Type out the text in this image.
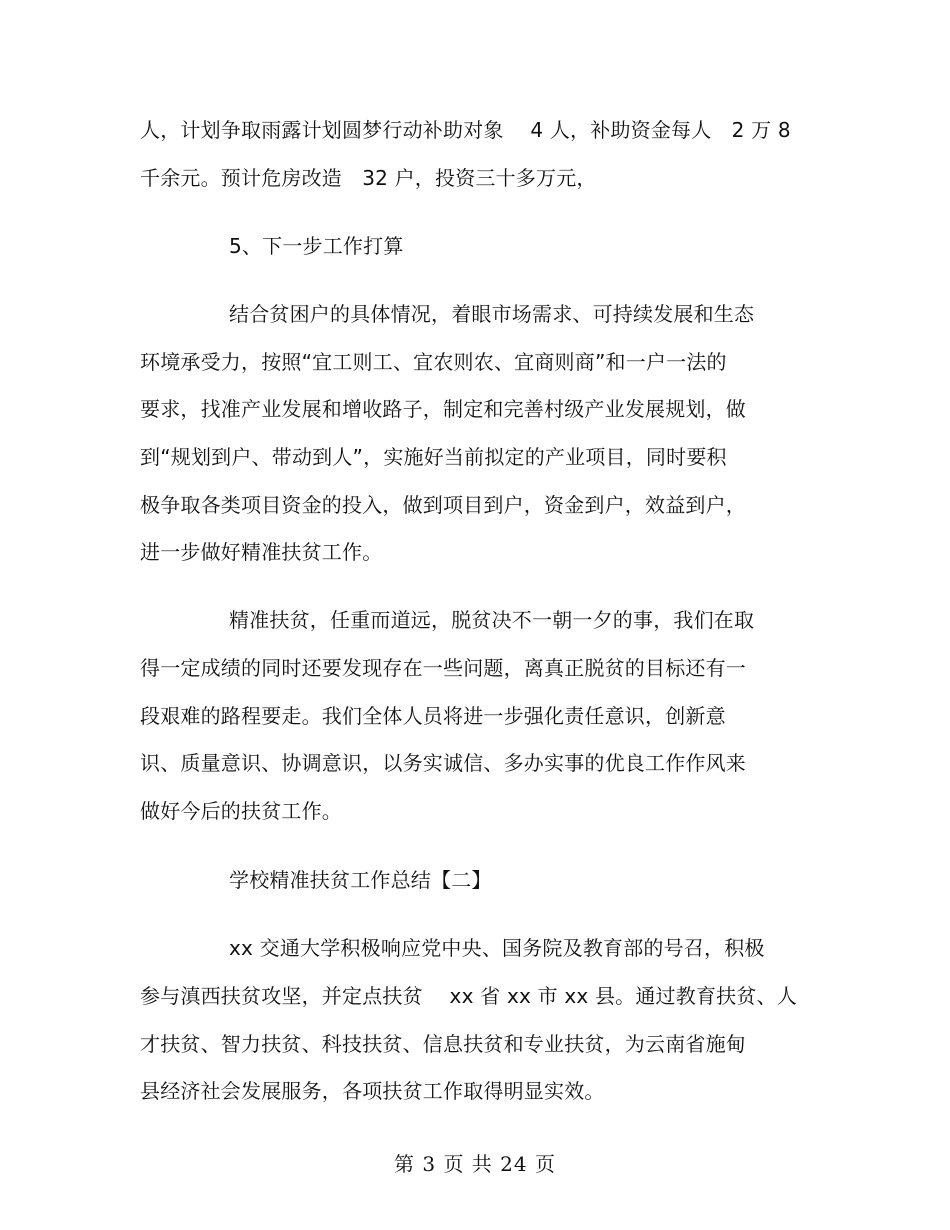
人，计划争取雨露计划圆梦行动补助对象　 4 人，补助资金每人　2 万 8
千余元。预计危房改造　32 户，投资三十多万元，
5、下一步工作打算
结合贫困户的具体情况，着眼市场需求、可持续发展和生态
环境承受力，按照“宜工则工、宜农则农、宜商则商”和一户一法的
要求，找准产业发展和增收路子，制定和完善村级产业发展规划，做
到“规划到户、带动到人”，实施好当前拟定的产业项目，同时要积
极争取各类项目资金的投入，做到项目到户，资金到户，效益到户，
进一步做好精准扶贫工作。
精准扶贫，任重而道远，脱贫决不一朝一夕的事，我们在取
得一定成绩的同时还要发现存在一些问题，离真正脱贫的目标还有一
段艰难的路程要走。我们全体人员将进一步强化责任意识，创新意
识、质量意识、协调意识，以务实诚信、多办实事的优良工作作风来
做好今后的扶贫工作。
学校精准扶贫工作总结【二】
xx 交通大学积极响应党中央、国务院及教育部的号召，积极
参与滇西扶贫攻坚，并定点扶贫　 xx 省 xx 市 xx 县。通过教育扶贫、人
才扶贫、智力扶贫、科技扶贫、信息扶贫和专业扶贫，为云南省施甸
县经济社会发展服务，各项扶贫工作取得明显实效。
第 3 页 共 24 页
